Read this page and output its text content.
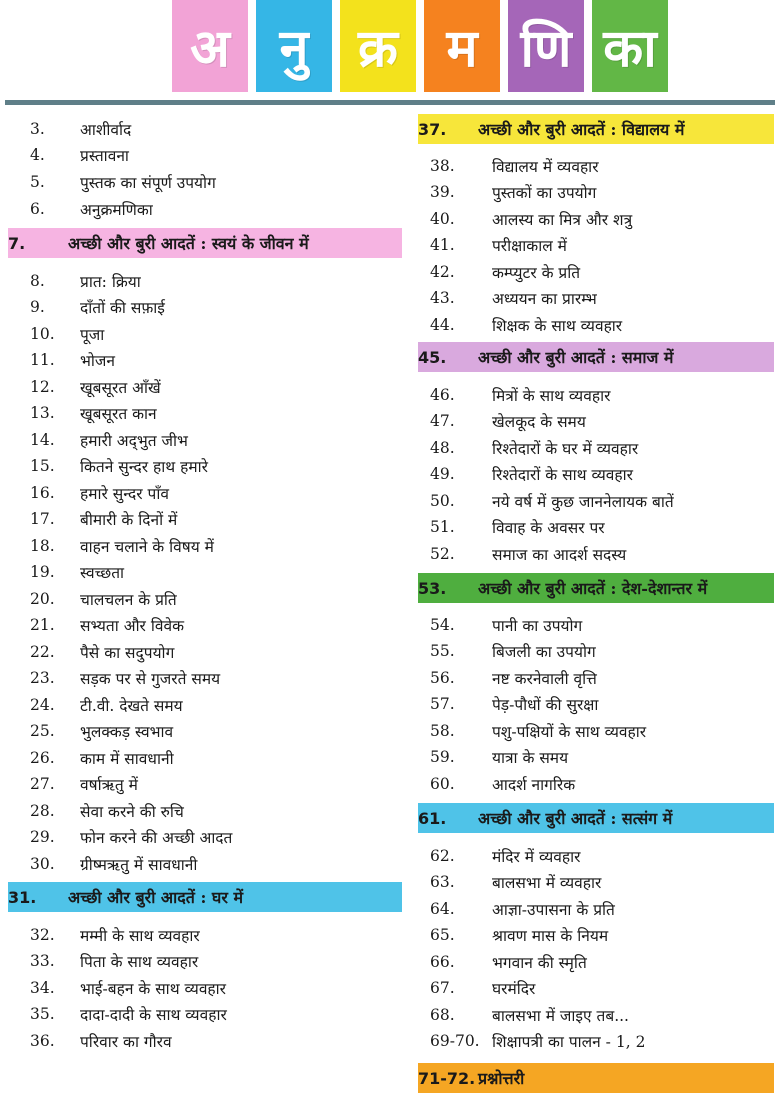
अ नु क्र म णि का
3.	आशीर्वाद
4.	प्रस्तावना
5.	पुस्तक का संपूर्ण उपयोग
6.	अनुक्रमणिका
7.	अच्छी और बुरी आदतें : स्वयं के जीवन में
8.	प्रात: क्रिया
9.	दाँतों की सफ़ाई
10.	पूजा
11.	भोजन
12.	खूबसूरत आँखें
13.	खूबसूरत कान
14.	हमारी अद्‍भुत जीभ
15.	कितने सुन्दर हाथ हमारे
16.	हमारे सुन्दर पाँव
17.	बीमारी के दिनों में
18.	वाहन चलाने के विषय में
19.	स्वच्छता
20.	चालचलन के प्रति
21.	सभ्यता और विवेक
22.	पैसे का सदुपयोग
23.	सड़क पर से गुजरते समय
24.	टी.वी. देखते समय
25.	भुलक्कड़ स्वभाव
26.	काम में सावधानी
27.	वर्षाऋतु में
28.	सेवा करने की रुचि
29.	फोन करने की अच्छी आदत
30.	ग्रीष्मऋतु में सावधानी
31.	अच्छी और बुरी आदतें : घर में
32.	मम्मी के साथ व्यवहार
33.	पिता के साथ व्यवहार
34.	भाई-बहन के साथ व्यवहार
35.	दादा-दादी के साथ व्यवहार
36.	परिवार का गौरव
37.	अच्छी और बुरी आदतें : विद्यालय में
38.	विद्यालय में व्यवहार
39.	पुस्तकों का उपयोग
40.	आलस्य का मित्र और शत्रु
41.	परीक्षाकाल में
42.	कम्प्युटर के प्रति
43.	अध्ययन का प्रारम्भ
44.	शिक्षक के साथ व्यवहार
45.	अच्छी और बुरी आदतें : समाज में
46.	मित्रों के साथ व्यवहार
47.	खेलकूद के समय
48.	रिश्तेदारों के घर में व्यवहार
49.	रिश्तेदारों के साथ व्यवहार
50.	नये वर्ष में कुछ जाननेलायक बातें
51.	विवाह के अवसर पर
52.	समाज का आदर्श सदस्य
53.	अच्छी और बुरी आदतें : देश-देशान्तर में
54.	पानी का उपयोग
55.	बिजली का उपयोग
56.	नष्ट करनेवाली वृत्ति
57.	पेड़-पौधों की सुरक्षा
58.	पशु-पक्षियों के साथ व्यवहार
59.	यात्रा के समय
60.	आदर्श नागरिक
61.	अच्छी और बुरी आदतें : सत्संग में
62.	मंदिर में व्यवहार
63.	बालसभा में व्यवहार
64.	आज्ञा-उपासना के प्रति
65.	श्रावण मास के नियम
66.	भगवान की स्मृति
67.	घरमंदिर
68.	बालसभा में जाइए तब...
69-70. शिक्षापत्री का पालन - 1, 2
71-72. प्रश्नोत्तरी
